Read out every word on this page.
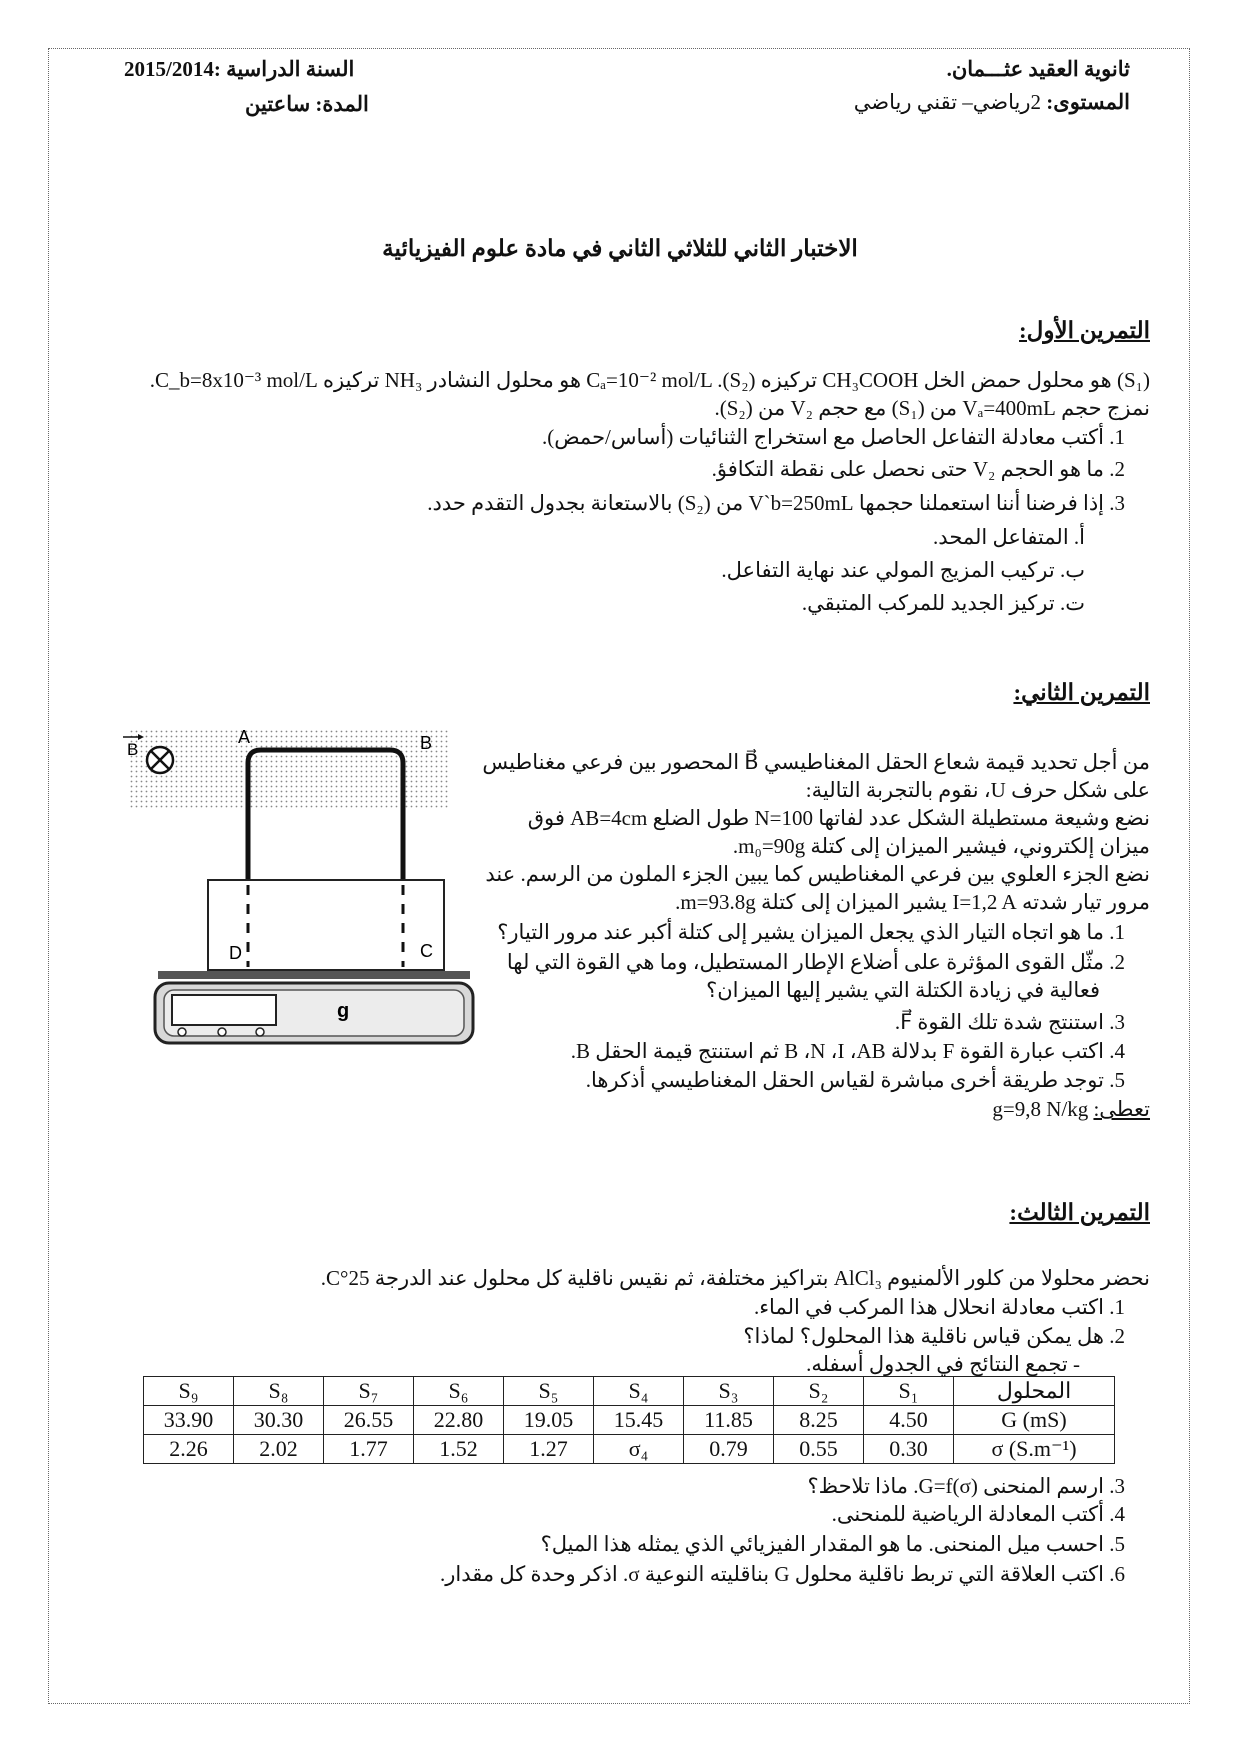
ثانوية العقيد عثـــمان.
المستوى: 2رياضي– تقني رياضي
السنة الدراسية :2015/2014
المدة: ساعتين
الاختبار الثاني للثلاثي الثاني في مادة علوم الفيزيائية
التمرين الأول:
(S₁) هو محلول حمض الخل CH₃COOH تركيزه Cₐ=10⁻² mol/L .(S₂) هو محلول النشادر NH₃ تركيزه C_b=8x10⁻³ mol/L.
نمزج حجم Vₐ=400mL من (S₁) مع حجم V₂ من (S₂).
1. أكتب معادلة التفاعل الحاصل مع استخراج الثنائيات (أساس/حمض).
2. ما هو الحجم V₂ حتى نحصل على نقطة التكافؤ.
3. إذا فرضنا أننا استعملنا حجمها V`b=250mL من (S₂) بالاستعانة بجدول التقدم حدد.
أ. المتفاعل المحد.
ب. تركيب المزيج المولي عند نهاية التفاعل.
ت. تركيز الجديد للمركب المتبقي.
التمرين الثاني:
من أجل تحديد قيمة شعاع الحقل المغناطيسي B⃗ المحصور بين فرعي مغناطيس
على شكل حرف U، نقوم بالتجربة التالية:
نضع وشيعة مستطيلة الشكل عدد لفاتها N=100 طول الضلع AB=4cm فوق
ميزان إلكتروني، فيشير الميزان إلى كتلة m₀=90g.
نضع الجزء العلوي بين فرعي المغناطيس كما يبين الجزء الملون من الرسم. عند
مرور تيار شدته I=1,2 A يشير الميزان إلى كتلة m=93.8g.
1. ما هو اتجاه التيار الذي يجعل الميزان يشير إلى كتلة أكبر عند مرور التيار؟
2. مثّل القوى المؤثرة على أضلاع الإطار المستطيل، وما هي القوة التي لها
فعالية في زيادة الكتلة التي يشير إليها الميزان؟
3. استنتج شدة تلك القوة F⃗.
4. اكتب عبارة القوة F بدلالة B ،N ،I ،AB ثم استنتج قيمة الحقل B.
5. توجد طريقة أخرى مباشرة لقياس الحقل المغناطيسي أذكرها.
تعطى: g=9,8 N/kg
B
A	B
C
D
g
التمرين الثالث:
نحضر محلولا من كلور الألمنيوم AlCl₃ بتراكيز مختلفة، ثم نقيس ناقلية كل محلول عند الدرجة 25°C.
1. اكتب معادلة انحلال هذا المركب في الماء.
2. هل يمكن قياس ناقلية هذا المحلول؟ لماذا؟
- تجمع النتائج في الجدول أسفله.
S₉	S₈	S₇	S₆	S₅	S₄	S₃	S₂	S₁	المحلول
33.90	30.30	26.55	22.80	19.05	15.45	11.85	8.25	4.50	G (mS)
2.26	2.02	1.77	1.52	1.27	σ₄	0.79	0.55	0.30	σ (S.m⁻¹)
3. ارسم المنحنى G=f(σ). ماذا تلاحظ؟
4. أكتب المعادلة الرياضية للمنحنى.
5. احسب ميل المنحنى. ما هو المقدار الفيزيائي الذي يمثله هذا الميل؟
6. اكتب العلاقة التي تربط ناقلية محلول G بناقليته النوعية σ. اذكر وحدة كل مقدار.
